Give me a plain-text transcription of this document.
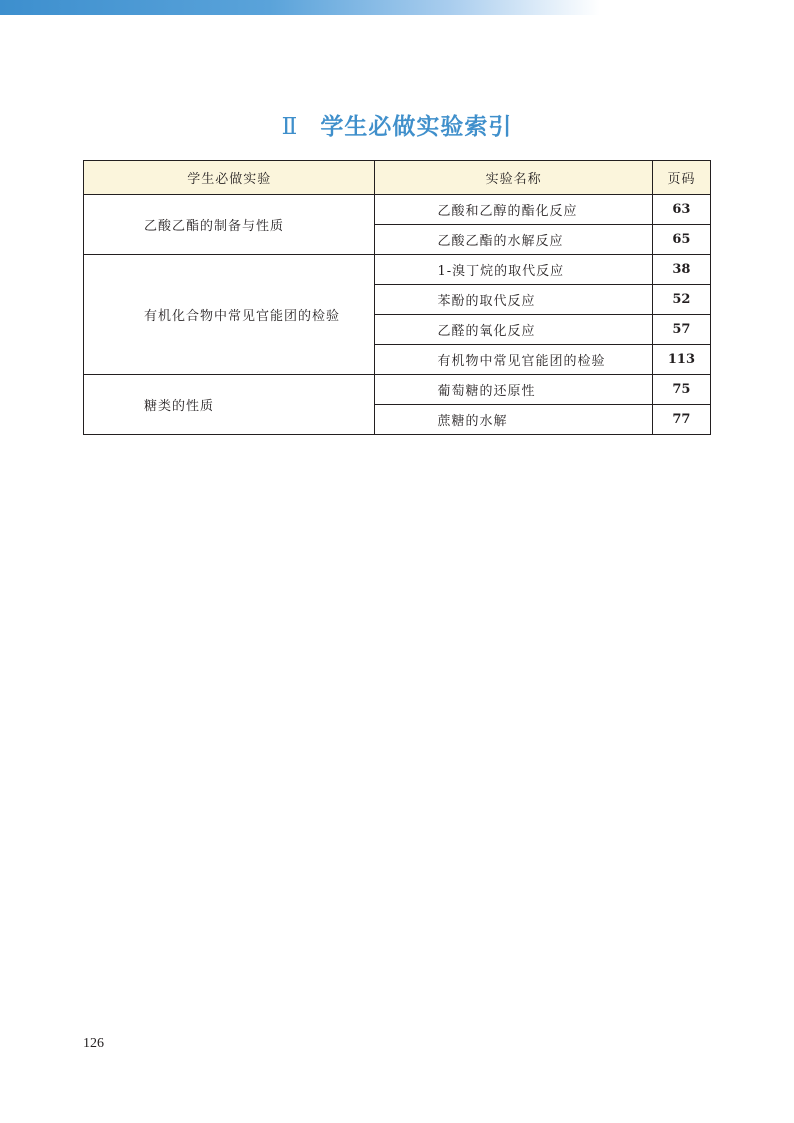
Ⅱ 学生必做实验索引
学生必做实验	实验名称	页码
乙酸乙酯的制备与性质	乙酸和乙醇的酯化反应	63
	乙酸乙酯的水解反应	65
有机化合物中常见官能团的检验	1-溴丁烷的取代反应	38
	苯酚的取代反应	52
	乙醛的氧化反应	57
	有机物中常见官能团的检验	113
糖类的性质	葡萄糖的还原性	75
	蔗糖的水解	77
126
